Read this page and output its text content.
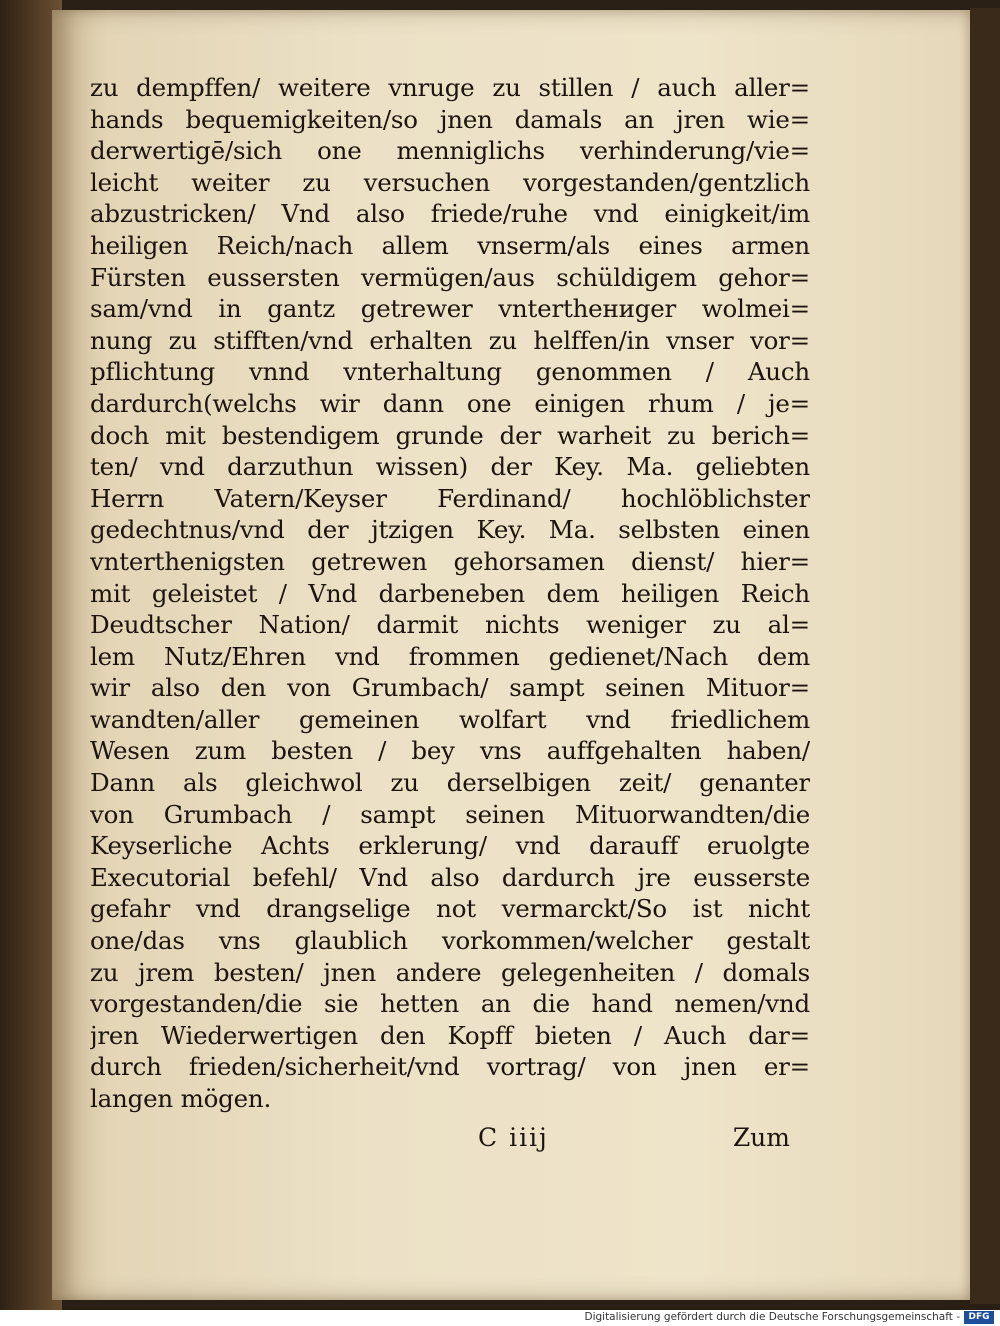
zu dempffen/ weitere vnruge zu stillen / auch aller=
hands bequemigkeiten/so jnen damals an jren wie=
derwertigē/sich one menniglichs verhinderung/vie=
leicht weiter zu versuchen vorgestanden/gentzlich
abzustricken/ Vnd also friede/ruhe vnd einigkeit/im
heiligen Reich/nach allem vnserm/als eines armen
Fürsten eussersten vermügen/aus schüldigem gehor=
sam/vnd in gantz getrewer vnterthениger wolmei=
nung zu stifften/vnd erhalten zu helffen/in vnser vor=
pflichtung vnnd vnterhaltung genommen / Auch
dardurch(welchs wir dann one einigen rhum / je=
doch mit bestendigem grunde der warheit zu berich=
ten/ vnd darzuthun wissen) der Key. Ma. geliebten
Herrn Vatern/Keyser Ferdinand/ hochlöblichster
gedechtnus/vnd der jtzigen Key. Ma. selbsten einen
vnterthenigsten getrewen gehorsamen dienst/ hier=
mit geleistet / Vnd darbeneben dem heiligen Reich
Deudtscher Nation/ darmit nichts weniger zu al=
lem Nutz/Ehren vnd frommen gedienet/Nach dem
wir also den von Grumbach/ sampt seinen Mituor=
wandten/aller gemeinen wolfart vnd friedlichem
Wesen zum besten / bey vns auffgehalten haben/
Dann als gleichwol zu derselbigen zeit/ genanter
von Grumbach / sampt seinen Mituorwandten/die
Keyserliche Achts erklerung/ vnd darauff eruolgte
Executorial befehl/ Vnd also dardurch jre eusserste
gefahr vnd drangselige not vermarckt/So ist nicht
one/das vns glaublich vorkommen/welcher gestalt
zu jrem besten/ jnen andere gelegenheiten / domals
vorgestanden/die sie hetten an die hand nemen/vnd
jren Wiederwertigen den Kopff bieten / Auch dar=
durch frieden/sicherheit/vnd vortrag/ von jnen er=
langen mögen.
C iiij	Zum
Digitalisierung gefördert durch die Deutsche Forschungsgemeinschaft - DFG
